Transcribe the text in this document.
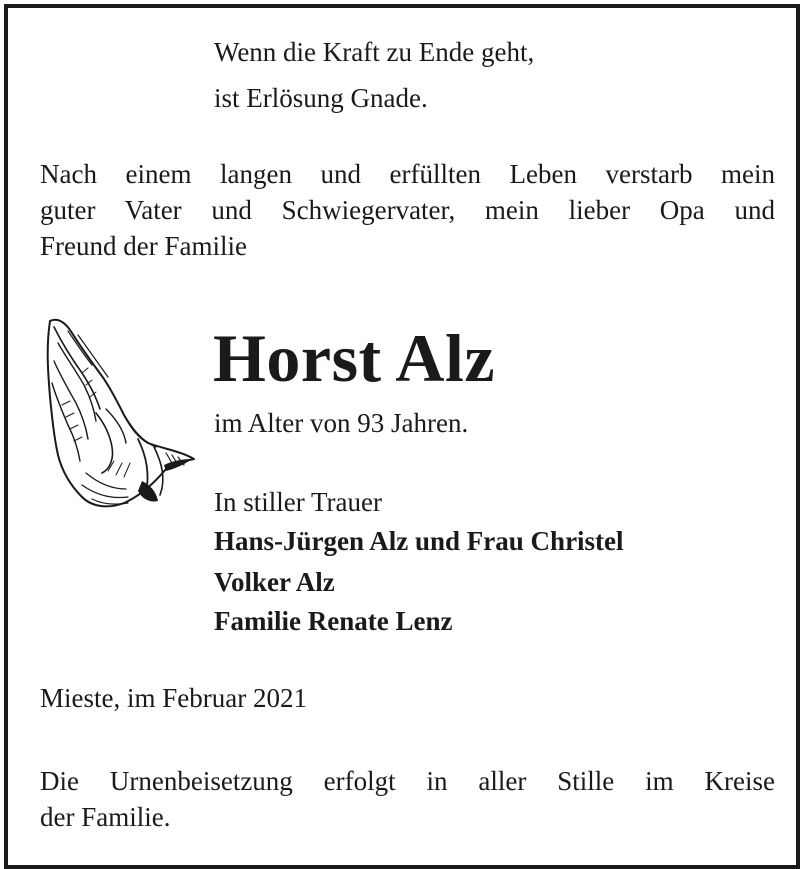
Wenn die Kraft zu Ende geht,

ist Erlösung Gnade.

Nach einem langen und erfüllten Leben verstarb mein
guter Vater und Schwiegervater, mein lieber Opa und
Freund der Familie

Horst Alz

im Alter von 93 Jahren.

In stiller Trauer

Hans-Jürgen Alz und Frau Christel

Volker Alz

Familie Renate Lenz

Mieste, im Februar 2021

Die Urnenbeisetzung erfolgt in aller Stille im Kreise
der Familie.
